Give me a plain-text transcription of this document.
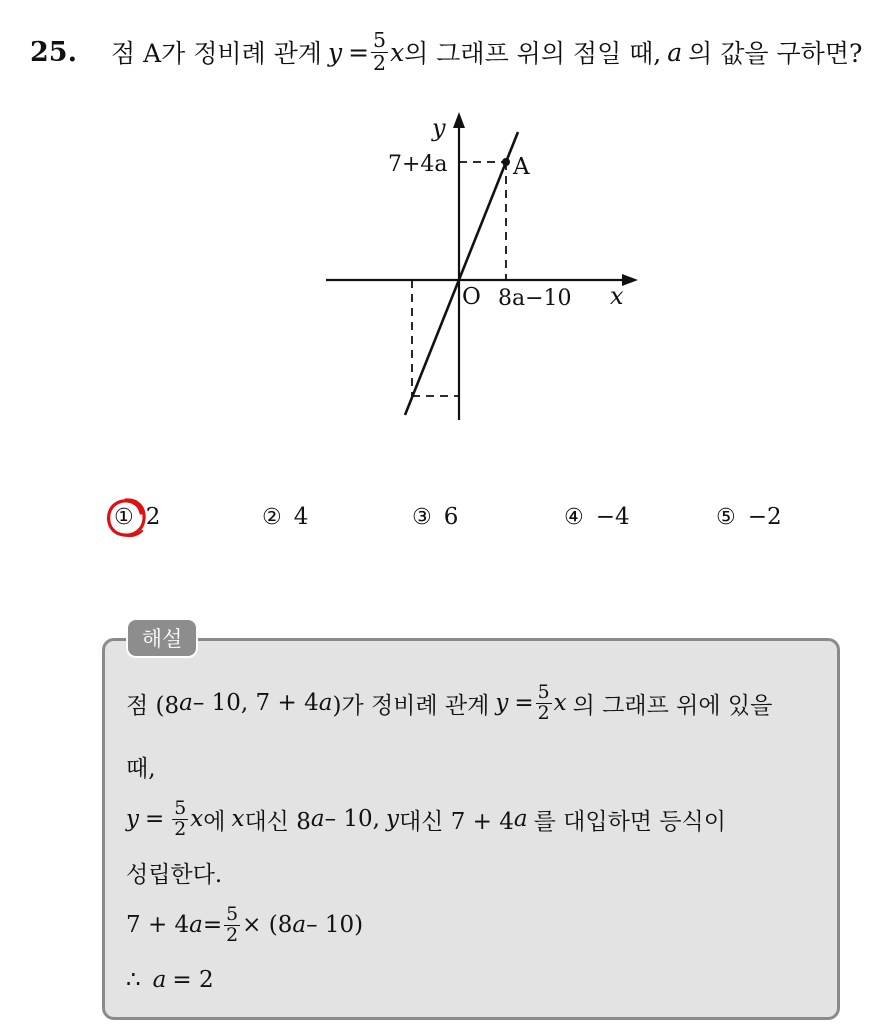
25. 점 A가 정비례 관계 $y = \frac{5}{2}$ x 의 그래프 위의 점일 때, a 의 값을 구하면?
y
x
O
A
7+4a
8a−10
① 2	② 4	③ 6	④ −4	⑤ −2
해설
점 (8 a – 10, 7 + 4 a )가 정비례 관계 $y = \frac{5}{2}$ x 의 그래프 위에 있을
때,
$y = \frac{5}{2}$ x 에 x 대신 8 a – 10, y 대신 7 + 4 a 를 대입하면 등식이
성립한다.
7 + 4 $a = \frac{5}{2} \times (8$ a – 10)
∴ a = 2
